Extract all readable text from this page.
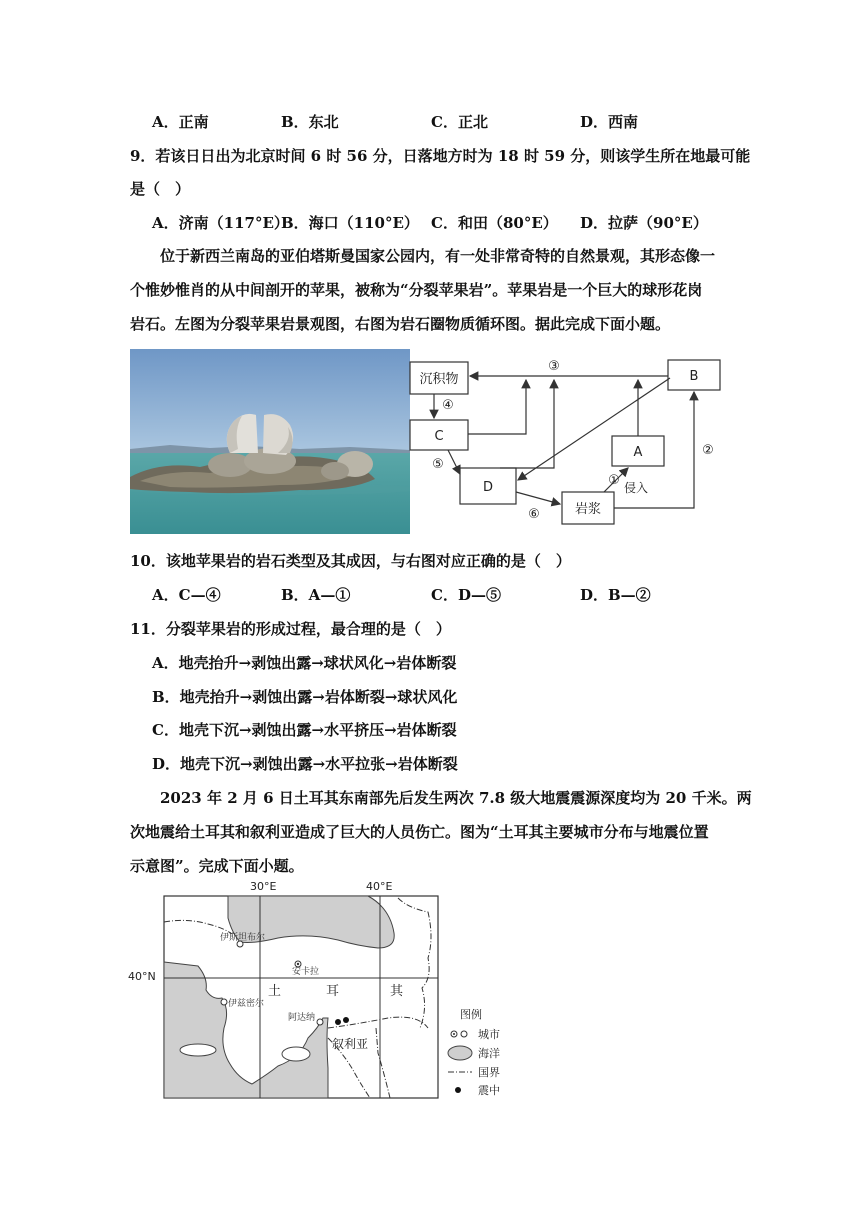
A．正南	B．东北	C．正北	D．西南
9．若该日日出为北京时间 6 时 56 分，日落地方时为 18 时 59 分，则该学生所在地最可能
是（　）
A．济南（117°E）
B．海口（110°E） C．和田（80°E） D．拉萨（90°E）
位于新西兰南岛的亚伯塔斯曼国家公园内，有一处非常奇特的自然景观，其形态像一
个惟妙惟肖的从中间剖开的苹果，被称为“分裂苹果岩”。苹果岩是一个巨大的球形花岗
岩石。左图为分裂苹果岩景观图，右图为岩石圈物质循环图。据此完成下面小题。
沉积物
C
D
A
B
岩浆
③
④
⑤
⑥
①
②
侵入
10．该地苹果岩的岩石类型及其成因，与右图对应正确的是（　）
A．C—④	B．A—①	C．D—⑤	D．B—②
11．分裂苹果岩的形成过程，最合理的是（　）
A．地壳抬升→剥蚀出露→球状风化→岩体断裂
B．地壳抬升→剥蚀出露→岩体断裂→球状风化
C．地壳下沉→剥蚀出露→水平挤压→岩体断裂
D．地壳下沉→剥蚀出露→水平拉张→岩体断裂
2023 年 2 月 6 日土耳其东南部先后发生两次 7.8 级大地震震源深度均为 20 千米。两
次地震给土耳其和叙利亚造成了巨大的人员伤亡。图为“土耳其主要城市分布与地震位置
示意图”。完成下面小题。
30°E	40°E
40°N
伊斯坦布尔
安卡拉
伊兹密尔
阿达纳
土	耳	其
叙利亚
图例
城市
海洋
国界
震中
